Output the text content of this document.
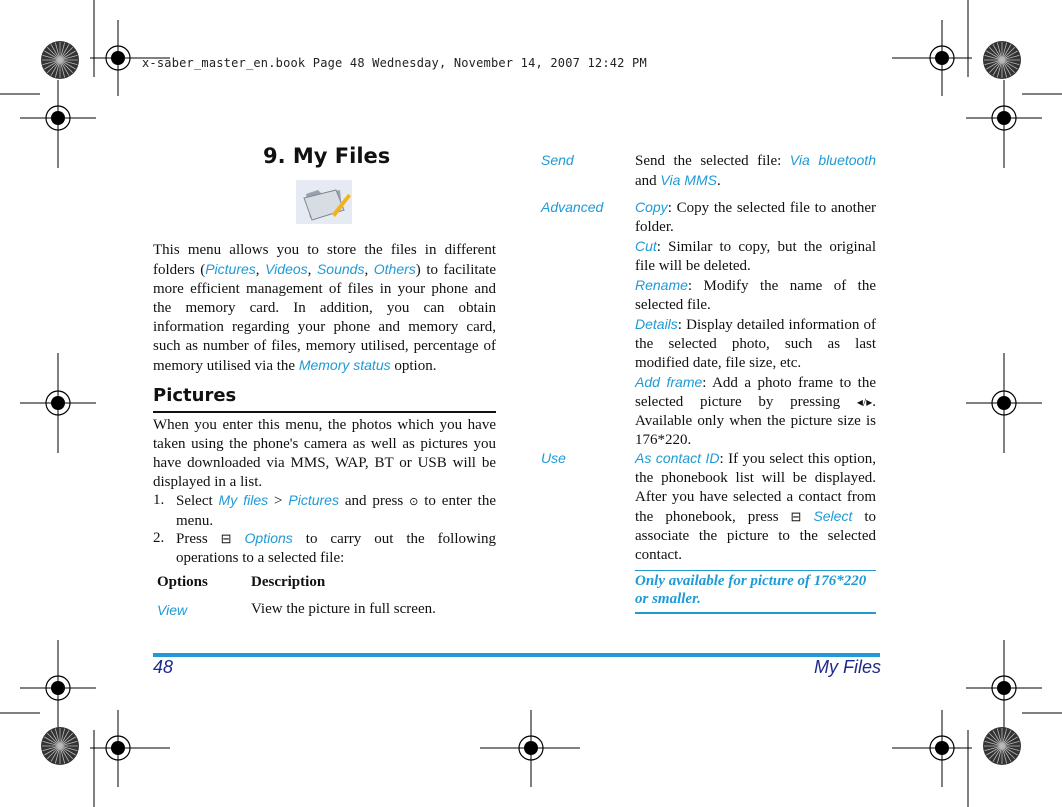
x-saber_master_en.book Page 48 Wednesday, November 14, 2007 12:42 PM
9. My Files
This menu allows you to store the files in different folders (Pictures, Videos, Sounds, Others) to facilitate more efficient management of files in your phone and the memory card. In addition, you can obtain information regarding your phone and memory card, such as number of files, memory utilised, percentage of memory utilised via the Memory status option.
Pictures
When you enter this menu, the photos which you have taken using the phone's camera as well as pictures you have downloaded via MMS, WAP, BT or USB will be displayed in a list.
1. Select My files > Pictures and press ⊙ to enter the menu.
2. Press ⊟ Options to carry out the following operations to a selected file:
Options	Description
View	View the picture in full screen.
Send	Send the selected file: Via bluetooth and Via MMS.
Advanced Copy: Copy the selected file to another folder.
Cut: Similar to copy, but the original file will be deleted.
Rename: Modify the name of the selected file.
Details: Display detailed information of the selected photo, such as last modified date, file size, etc.
Add frame: Add a photo frame to the selected picture by pressing ◂/▸. Available only when the picture size is 176*220.
Use	As contact ID: If you select this option, the phonebook list will be displayed. After you have selected a contact from the phonebook, press ⊟ Select to associate the picture to the selected contact.
Only available for picture of 176*220 or smaller.
48	My Files
